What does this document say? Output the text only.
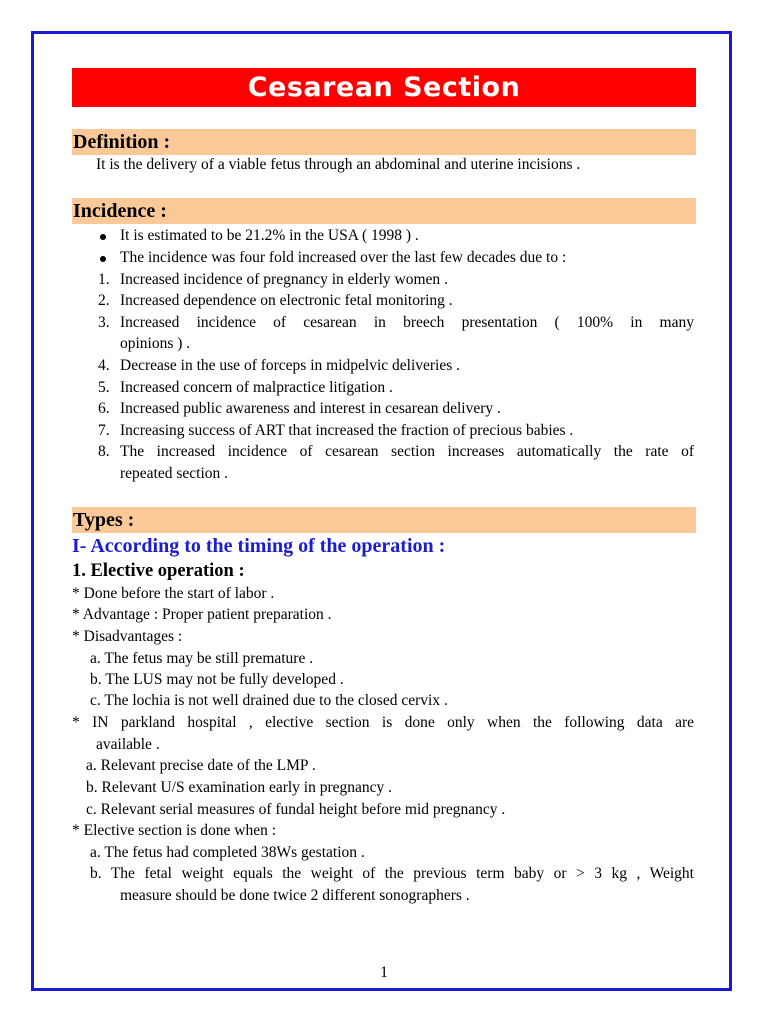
Cesarean Section
Definition :
It is the delivery of a viable fetus through an abdominal and uterine incisions .
Incidence :
It is estimated to be 21.2% in the USA ( 1998 ) .
The incidence was four fold increased over the last few decades due to :
1. Increased incidence of pregnancy in elderly women .
2. Increased dependence on electronic fetal monitoring .
3. Increased incidence of cesarean in breech presentation ( 100% in many
opinions ) .
4. Decrease in the use of forceps in midpelvic deliveries .
5. Increased concern of malpractice litigation .
6. Increased public awareness and interest in cesarean delivery .
7. Increasing success of ART that increased the fraction of precious babies .
8. The increased incidence of cesarean section increases automatically the rate of
repeated section .
Types :
I- According to the timing of the operation :
1. Elective operation :
* Done before the start of labor .
* Advantage : Proper patient preparation .
* Disadvantages :
a. The fetus may be still premature .
b. The LUS may not be fully developed .
c. The lochia is not well drained due to the closed cervix .
* IN parkland hospital , elective section is done only when the following data are
available .
a. Relevant precise date of the LMP .
b. Relevant U/S examination early in pregnancy .
c. Relevant serial measures of fundal height before mid pregnancy .
* Elective section is done when :
a. The fetus had completed 38Ws gestation .
b. The fetal weight equals the weight of the previous term baby or > 3 kg , Weight
measure should be done twice 2 different sonographers .
1
